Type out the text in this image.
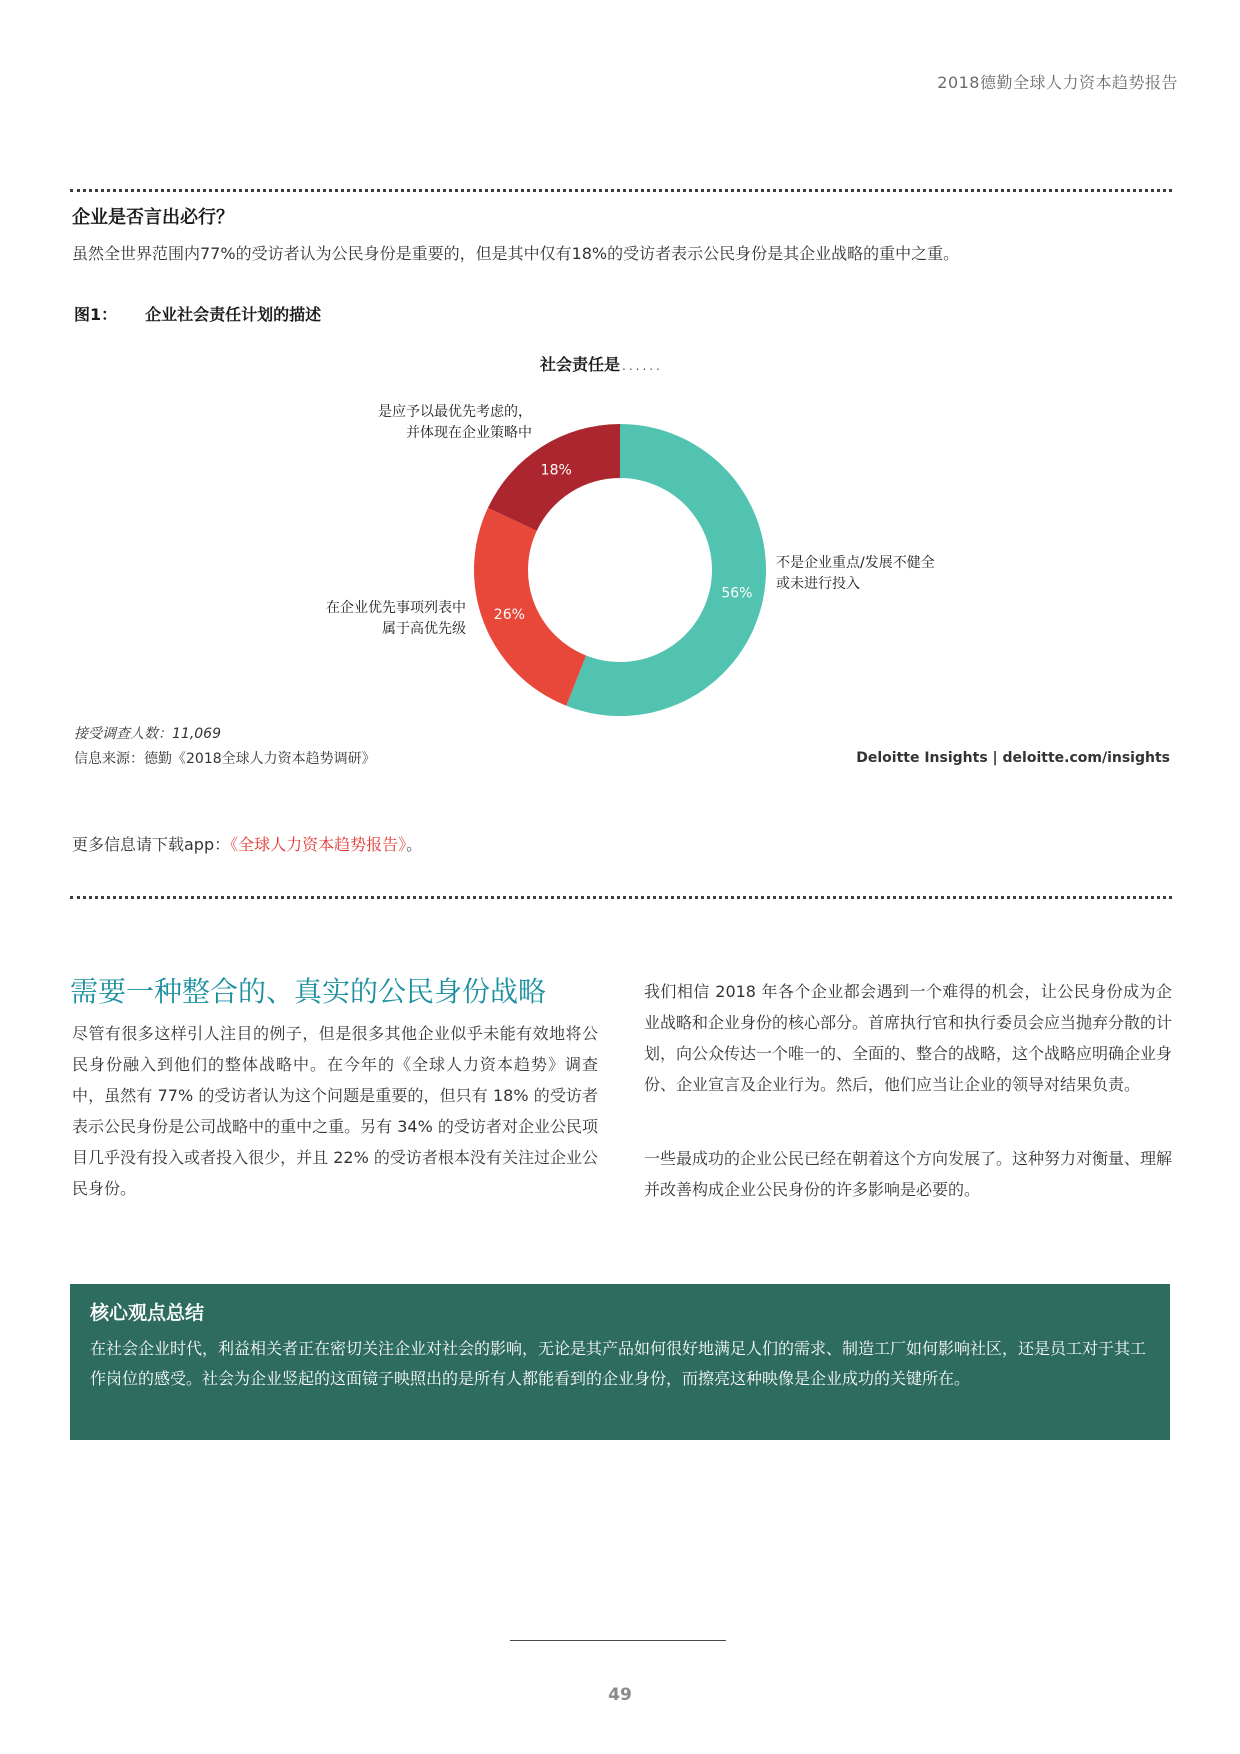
2018德勤全球人力资本趋势报告
企业是否言出必行？
虽然全世界范围内77%的受访者认为公民身份是重要的，但是其中仅有18%的受访者表示公民身份是其企业战略的重中之重。
图1： 企业社会责任计划的描述
社会责任是 ......
56%
26%
18%
不是企业重点/发展不健全
或未进行投入
在企业优先事项列表中
属于高优先级
是应予以最优先考虑的，
并体现在企业策略中
接受调查人数：11,069
信息来源：德勤《2018全球人力资本趋势调研》	Deloitte Insights | deloitte.com/insights
更多信息请下载app：《全球人力资本趋势报告》。
需要一种整合的、真实的公民身份战略
尽管有很多这样引人注目的例子，但是很多其他企业似乎未能有效地将公民身份融入到他们的整体战略中。在今年的《全球人力资本趋势》调查中，虽然有 77% 的受访者认为这个问题是重要的，但只有 18% 的受访者表示公民身份是公司战略中的重中之重。另有 34% 的受访者对企业公民项目几乎没有投入或者投入很少，并且 22% 的受访者根本没有关注过企业公民身份。
我们相信 2018 年各个企业都会遇到一个难得的机会，让公民身份成为企业战略和企业身份的核心部分。首席执行官和执行委员会应当抛弃分散的计划，向公众传达一个唯一的、全面的、整合的战略，这个战略应明确企业身份、企业宣言及企业行为。然后，他们应当让企业的领导对结果负责。
一些最成功的企业公民已经在朝着这个方向发展了。这种努力对衡量、理解并改善构成企业公民身份的许多影响是必要的。
核心观点总结
在社会企业时代，利益相关者正在密切关注企业对社会的影响，无论是其产品如何很好地满足人们的需求、制造工厂如何影响社区，还是员工对于其工作岗位的感受。社会为企业竖起的这面镜子映照出的是所有人都能看到的企业身份，而擦亮这种映像是企业成功的关键所在。
49
